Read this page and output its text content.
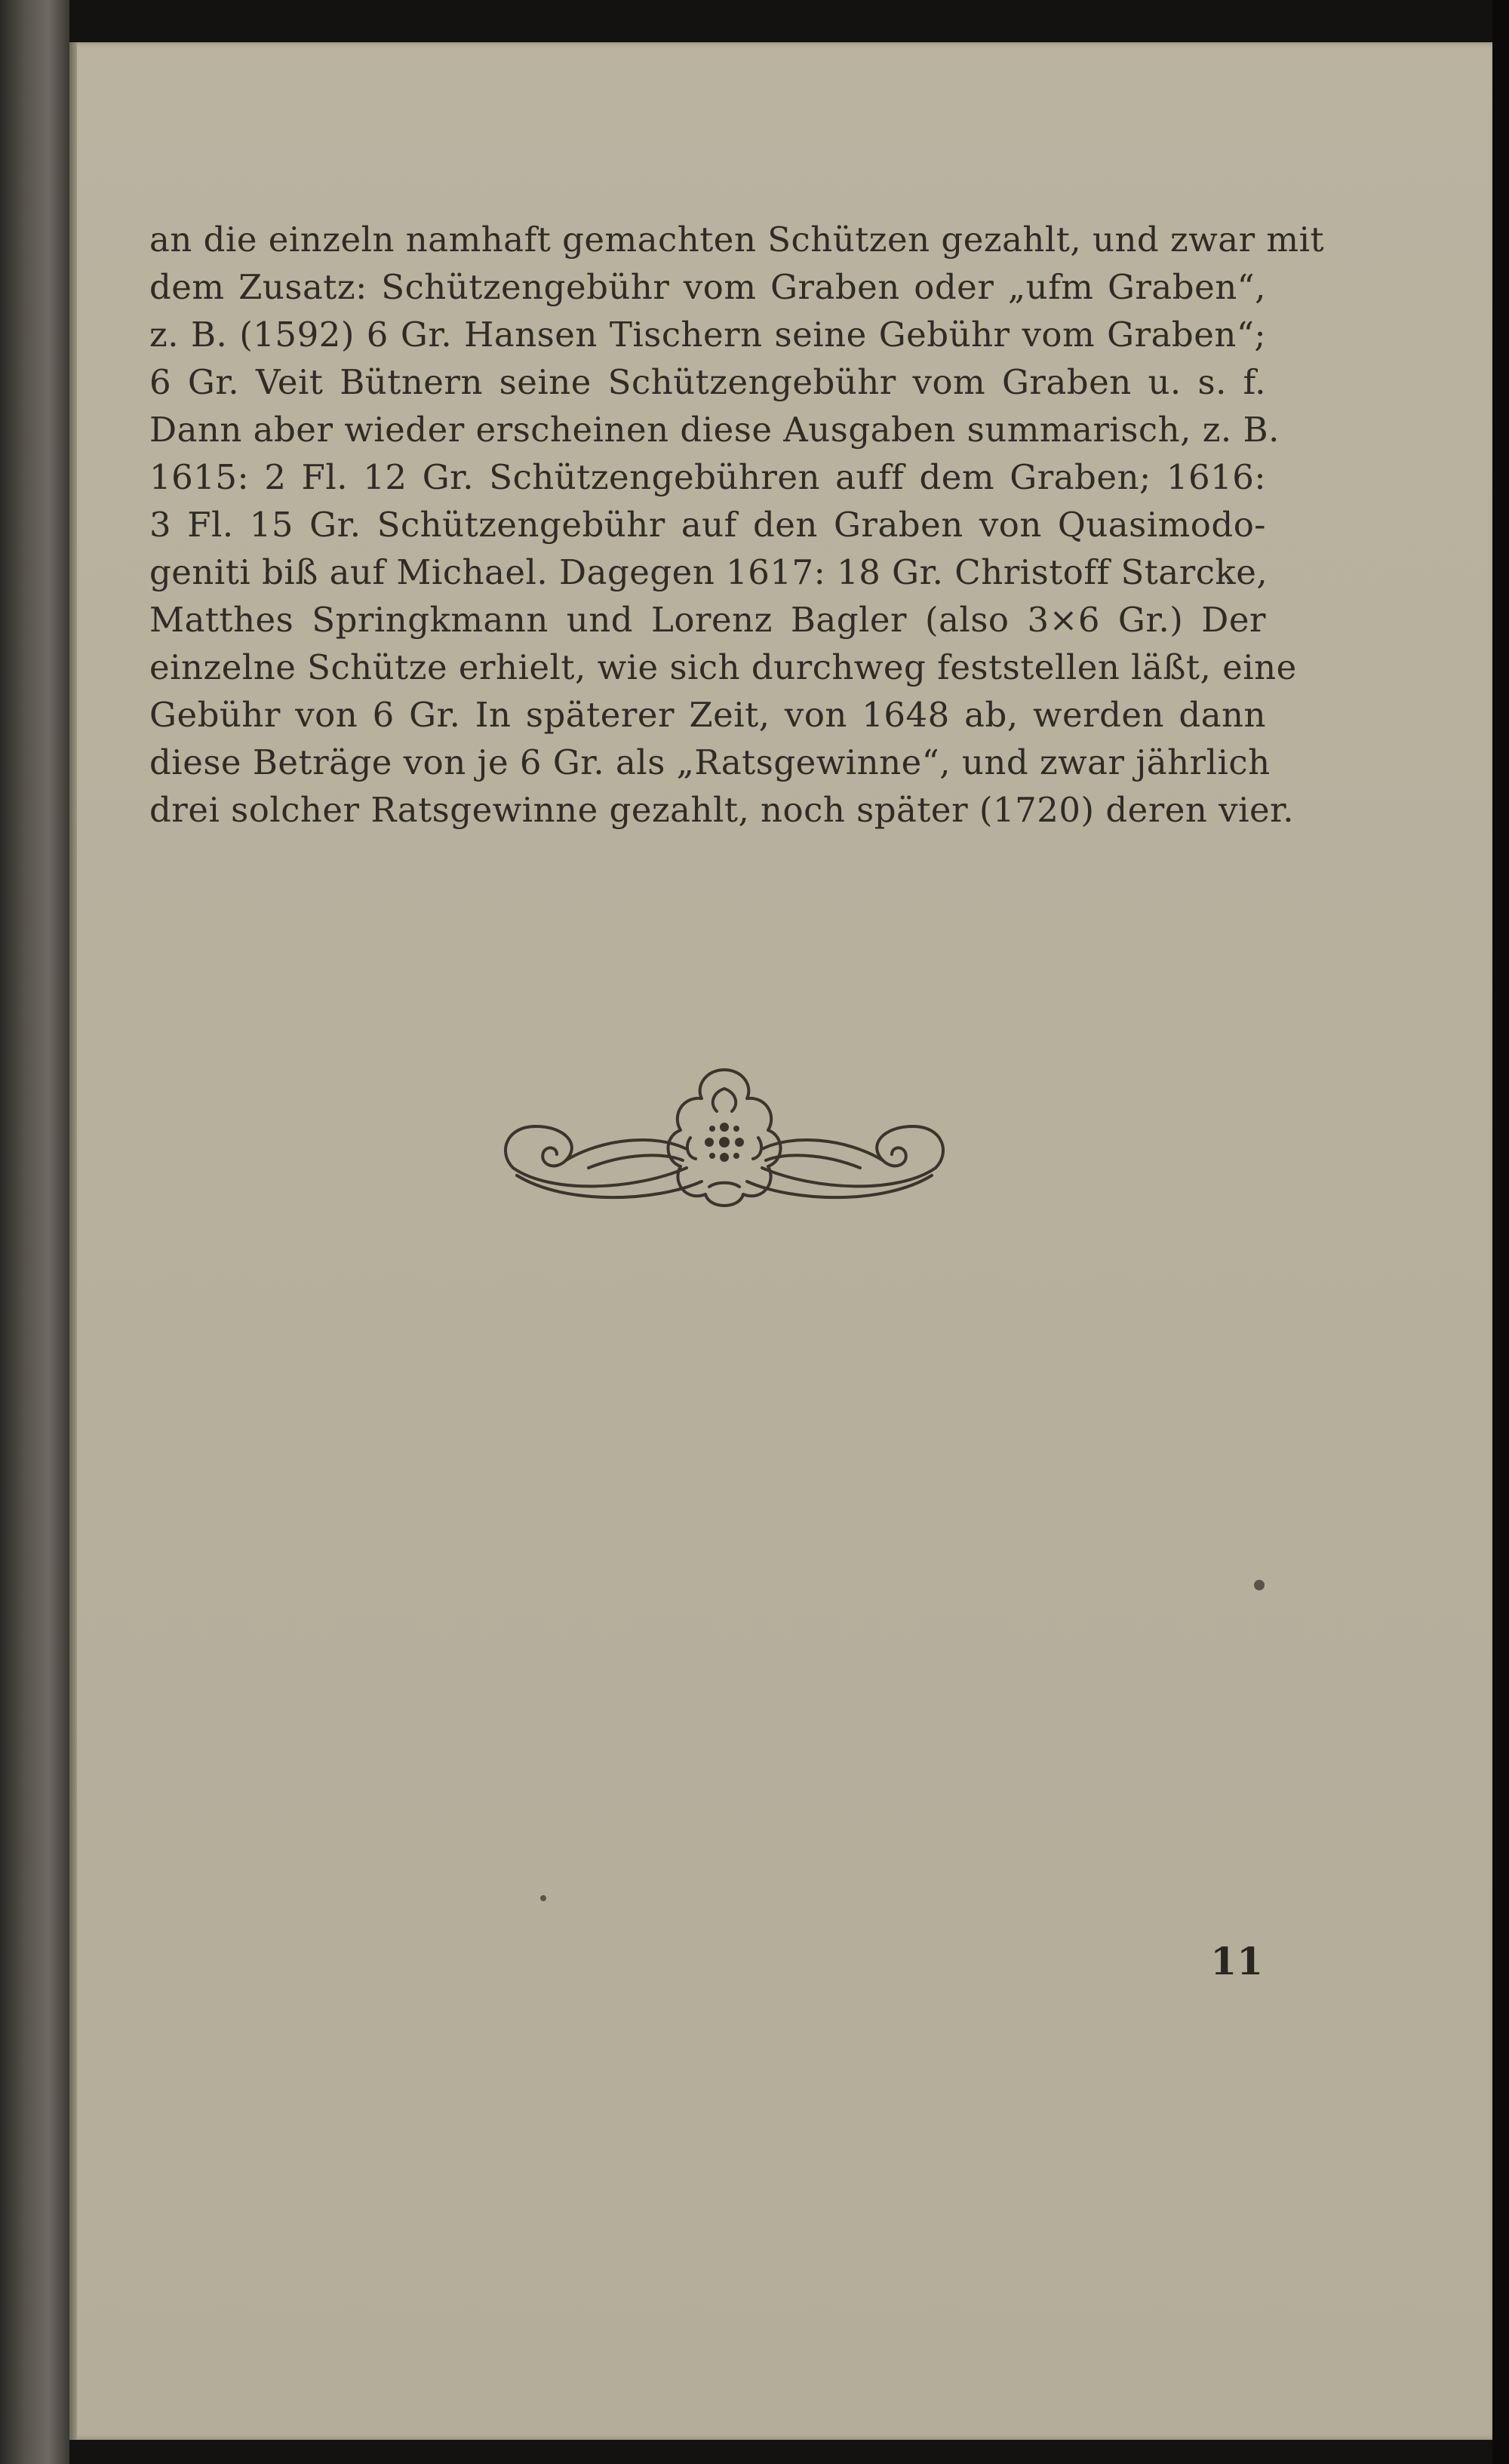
an die einzeln namhaft gemachten Schützen gezahlt, und zwar mit
dem Zusatz: Schützengebühr vom Graben oder „ufm Graben“,
z. B. (1592) 6 Gr. Hansen Tischern seine Gebühr vom Graben“;
6 Gr. Veit Bütnern seine Schützengebühr vom Graben u. s. f.
Dann aber wieder erscheinen diese Ausgaben summarisch, z. B.
1615: 2 Fl. 12 Gr. Schützengebühren auff dem Graben; 1616:
3 Fl. 15 Gr. Schützengebühr auf den Graben von Quasimodo-
geniti biß auf Michael. Dagegen 1617: 18 Gr. Christoff Starcke,
Matthes Springkmann und Lorenz Bagler (also 3×6 Gr.) Der
einzelne Schütze erhielt, wie sich durchweg feststellen läßt, eine
Gebühr von 6 Gr. In späterer Zeit, von 1648 ab, werden dann
diese Beträge von je 6 Gr. als „Ratsgewinne“, und zwar jährlich
drei solcher Ratsgewinne gezahlt, noch später (1720) deren vier.
11
